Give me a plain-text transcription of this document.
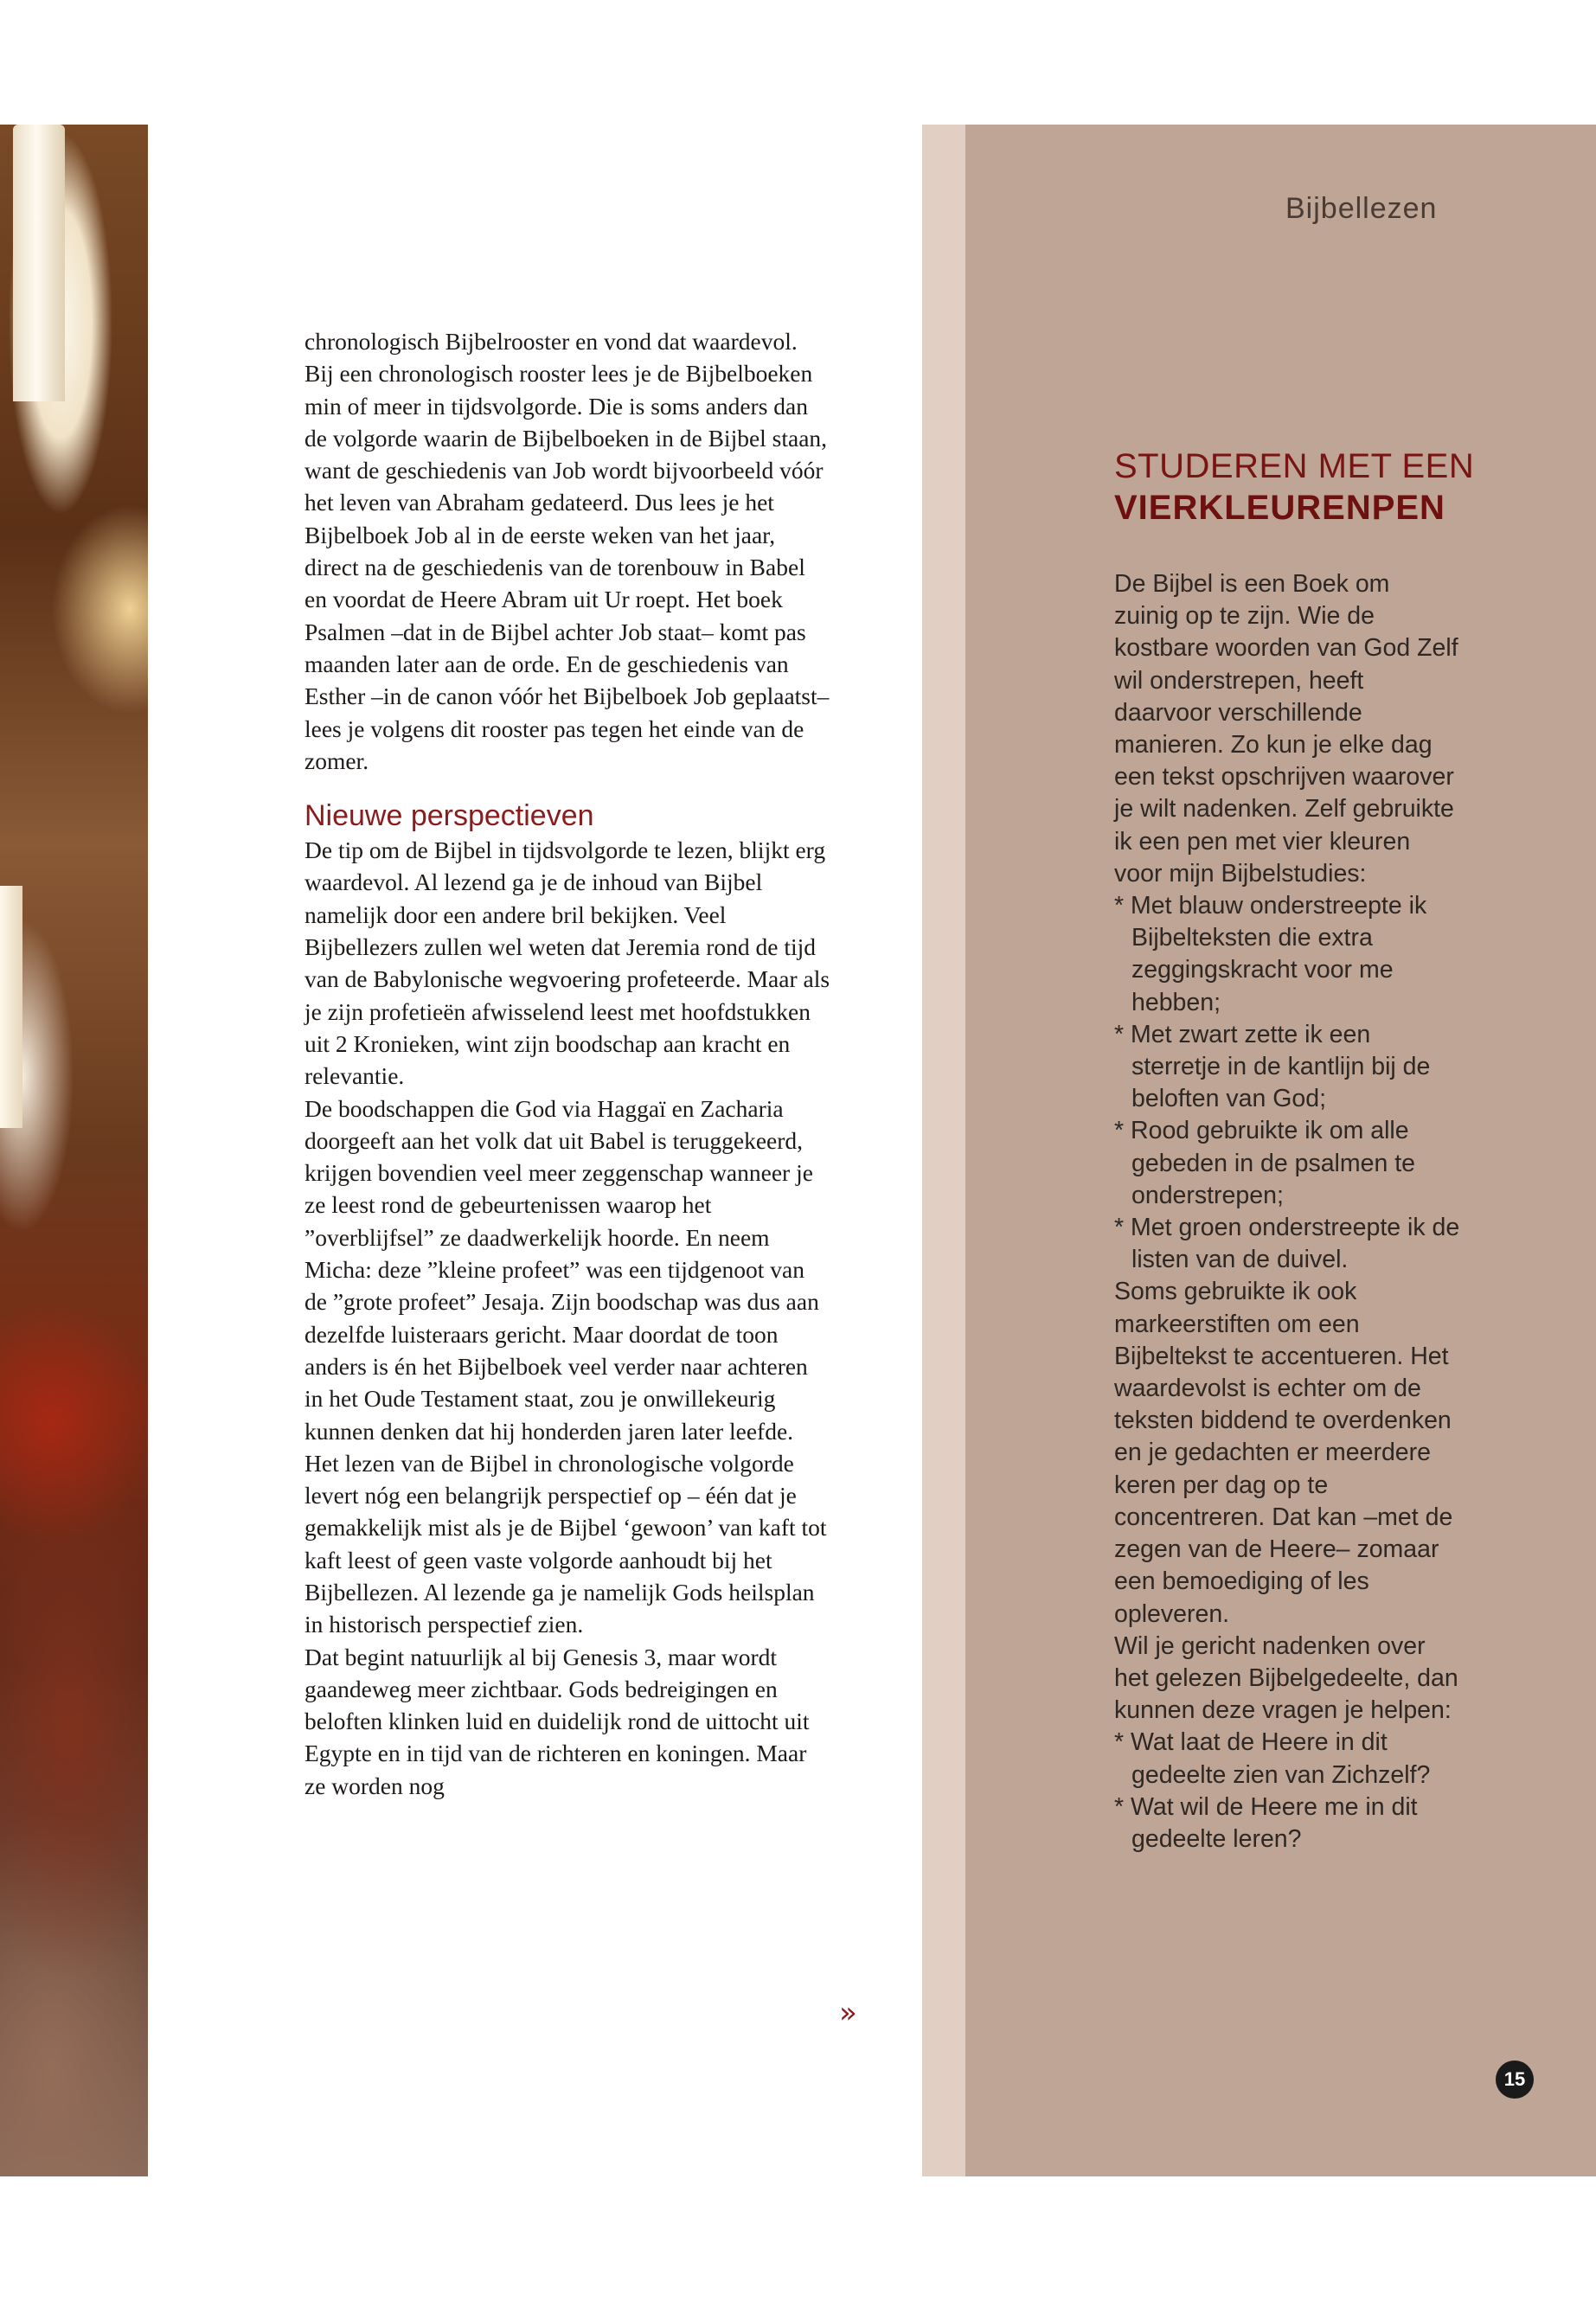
Bijbellezen

chronologisch Bijbelrooster en vond dat waardevol.

Bij een chronologisch rooster lees je de Bijbelboeken min of meer in tijdsvolgorde. Die is soms anders dan de volgorde waarin de Bijbelboeken in de Bijbel staan, want de geschiedenis van Job wordt bijvoorbeeld vóór het leven van Abraham gedateerd. Dus lees je het Bijbelboek Job al in de eerste weken van het jaar, direct na de geschiedenis van de torenbouw in Babel en voordat de Heere Abram uit Ur roept. Het boek Psalmen –dat in de Bijbel achter Job staat– komt pas maanden later aan de orde. En de geschiedenis van Esther –in de canon vóór het Bijbelboek Job geplaatst– lees je volgens dit rooster pas tegen het einde van de zomer.

Nieuwe perspectieven

De tip om de Bijbel in tijdsvolgorde te lezen, blijkt erg waardevol. Al lezend ga je de inhoud van Bijbel namelijk door een andere bril bekijken. Veel Bijbellezers zullen wel weten dat Jeremia rond de tijd van de Babylonische wegvoering profeteerde. Maar als je zijn profetieën afwisselend leest met hoofdstukken uit 2 Kronieken, wint zijn boodschap aan kracht en relevantie.

De boodschappen die God via Haggaï en Zacharia doorgeeft aan het volk dat uit Babel is teruggekeerd, krijgen bovendien veel meer zeggenschap wanneer je ze leest rond de gebeurtenissen waarop het ”overblijfsel” ze daadwerkelijk hoorde. En neem Micha: deze ”kleine profeet” was een tijdgenoot van de ”grote profeet” Jesaja. Zijn boodschap was dus aan dezelfde luisteraars gericht. Maar doordat de toon anders is én het Bijbelboek veel verder naar achteren in het Oude Testament staat, zou je onwillekeurig kunnen denken dat hij honderden jaren later leefde.

Het lezen van de Bijbel in chronologische volgorde levert nóg een belangrijk perspectief op – één dat je gemakkelijk mist als je de Bijbel ‘gewoon’ van kaft tot kaft leest of geen vaste volgorde aanhoudt bij het Bijbellezen. Al lezende ga je namelijk Gods heilsplan in historisch perspectief zien.

Dat begint natuurlijk al bij Genesis 3, maar wordt gaandeweg meer zichtbaar. Gods bedreigingen en beloften klinken luid en duidelijk rond de uittocht uit Egypte en in tijd van de richteren en koningen. Maar ze worden nog

»
STUDEREN MET EEN
VIERKLEURENPEN

De Bijbel is een Boek om zuinig op te zijn. Wie de kostbare woorden van God Zelf wil onderstrepen, heeft daarvoor verschillende manieren. Zo kun je elke dag een tekst opschrijven waarover je wilt nadenken. Zelf gebruikte ik een pen met vier kleuren voor mijn Bijbelstudies:

* Met blauw onderstreepte ik Bijbelteksten die extra zeggingskracht voor me hebben;
* Met zwart zette ik een sterretje in de kantlijn bij de beloften van God;
* Rood gebruikte ik om alle gebeden in de psalmen te onderstrepen;
* Met groen onderstreepte ik de listen van de duivel.

Soms gebruikte ik ook markeerstiften om een Bijbeltekst te accentueren. Het waardevolst is echter om de teksten biddend te overdenken en je gedachten er meerdere keren per dag op te concentreren. Dat kan –met de zegen van de Heere– zomaar een bemoediging of les opleveren.

Wil je gericht nadenken over het gelezen Bijbelgedeelte, dan kunnen deze vragen je helpen:

* Wat laat de Heere in dit gedeelte zien van Zichzelf?
* Wat wil de Heere me in dit gedeelte leren?
15
